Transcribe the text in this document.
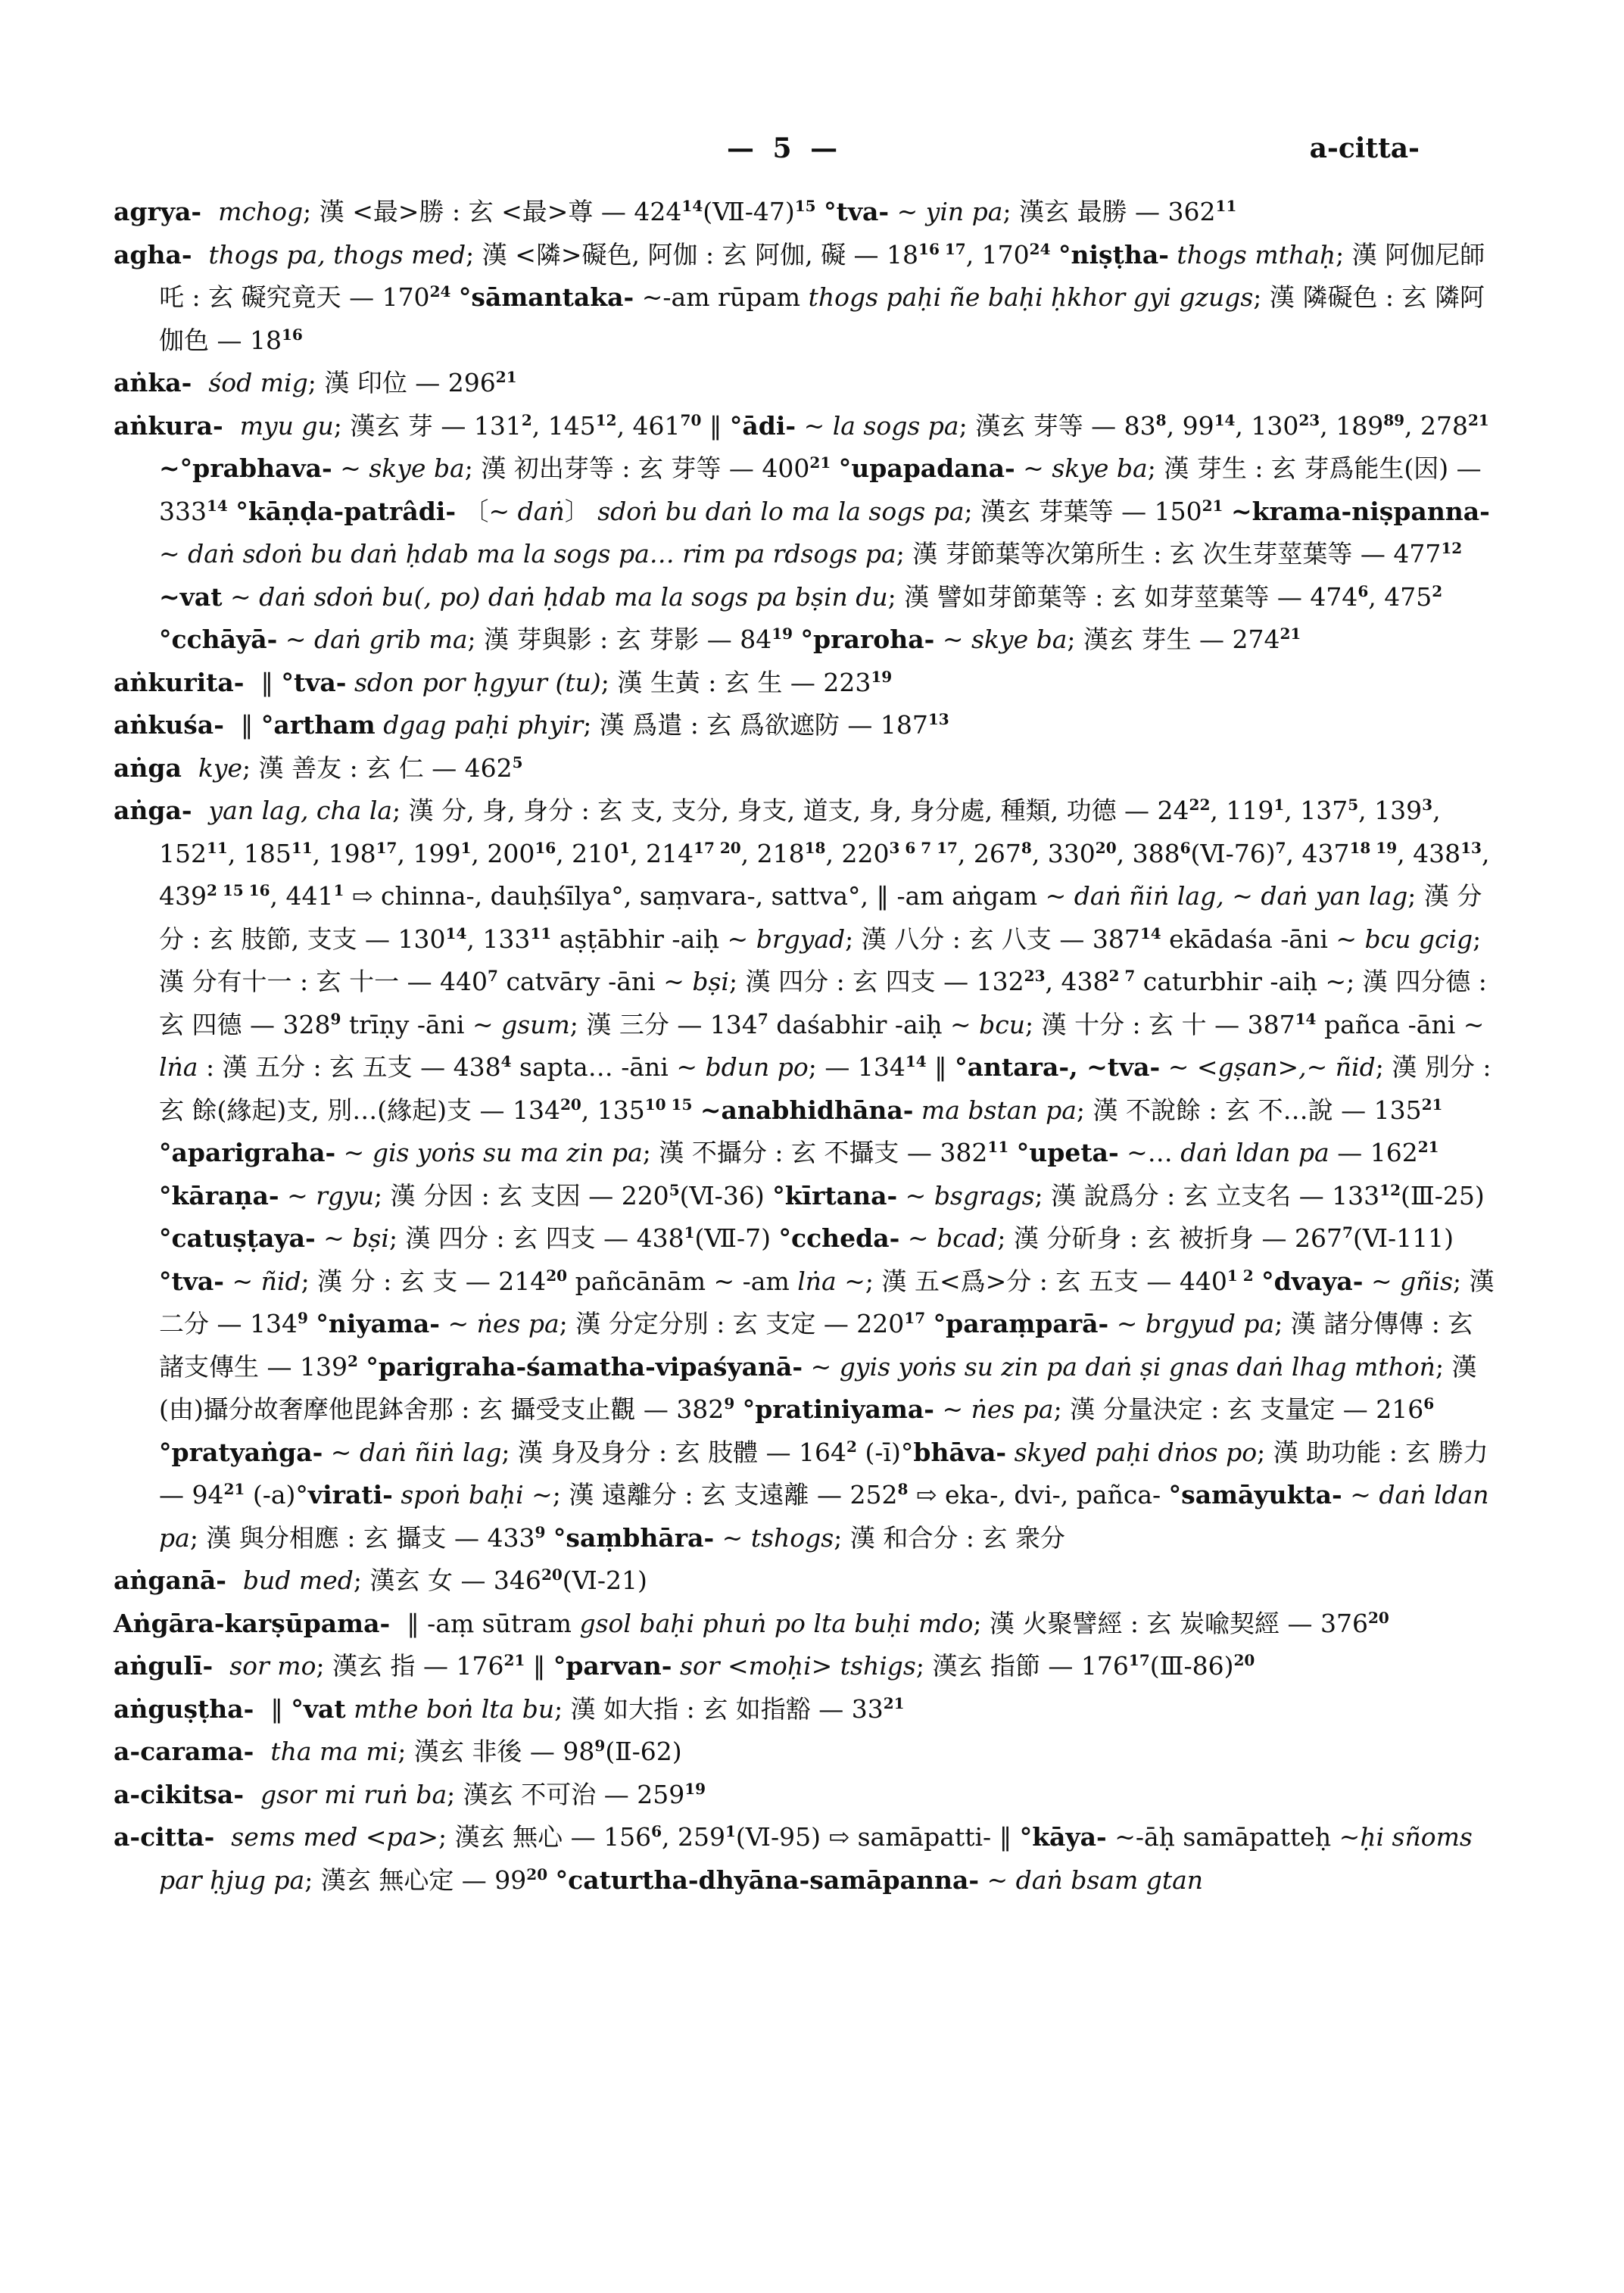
— 5 —	a-citta-
agrya- mchog; 漢 <最>勝 : 玄 <最>尊 — $424^{14}(Ⅶ-47)^{15}$ °tva- ~ yin pa; 漢玄 最勝 — $362^{11}$
agha- thogs pa, thogs med; 漢 <隣>礙色, 阿伽 : 玄 阿伽, 礙 — $18^{16 17}$, $170^{24}$ °niṣṭha- thogs mthaḥ; 漢 阿伽尼師吒 : 玄 礙究竟天 — $170^{24}$ °sāmantaka- ~-am rūpam thogs paḥi ñe baḥi ḥkhor gyi gzugs; 漢 隣礙色 : 玄 隣阿伽色 — $18^{16}$
aṅka- śod mig; 漢 印位 — $296^{21}$
aṅkura- myu gu; 漢玄 芽 — $131^2$, $145^{12}$, $461^{70}$ ‖ °ādi- ~ la sogs pa; 漢玄 芽等 — $83^8$, $99^{14}$, $130^{23}$, $189^{89}$, $278^{21}$ ~°prabhava- ~ skye ba; 漢 初出芽等 : 玄 芽等 — $400^{21}$ °upapadana- ~ skye ba; 漢 芽生 : 玄 芽爲能生(因) — $333^{14}$ °kāṇḍa-patrâdi- 〔~ daṅ〕 sdoṅ bu daṅ lo ma la sogs pa; 漢玄 芽葉等 — $150^{21}$ ~krama-niṣpanna- ~ daṅ sdoṅ bu daṅ ḥdab ma la sogs pa… rim pa rdsogs pa; 漢 芽節葉等次第所生 : 玄 次生芽莖葉等 — $477^{12}$ ~vat ~ daṅ sdoṅ bu(, po) daṅ ḥdab ma la sogs pa bṣin du; 漢 譬如芽節葉等 : 玄 如芽莖葉等 — $474^6$, $475^2$ °cchāyā- ~ daṅ grib ma; 漢 芽與影 : 玄 芽影 — $84^{19}$ °praroha- ~ skye ba; 漢玄 芽生 — $274^{21}$
aṅkurita- ‖ °tva- sdon por ḥgyur (tu); 漢 生黃 : 玄 生 — $223^{19}$
aṅkuśa- ‖ °artham dgag paḥi phyir; 漢 爲遣 : 玄 爲欲遮防 — $187^{13}$
aṅga kye; 漢 善友 : 玄 仁 — $462^5$
aṅga- yan lag, cha la; 漢 分, 身, 身分 : 玄 支, 支分, 身支, 道支, 身, 身分處, 種類, 功德 — $24^{22}$, $119^1$, $137^5$, $139^3$, $152^{11}$, $185^{11}$, $198^{17}$, $199^1$, $200^{16}$, $210^1$, $214^{17 20}$, $218^{18}$, $220^{3 6 7 17}$, $267^8$, $330^{20}$, $388^6(Ⅵ-76)^7$, $437^{18 19}$, $438^{13}$, $439^{2 15 16}$, $441^1$ ⇨ chinna-, dauḥśīlya°, saṃvara-, sattva°, ‖ -am aṅgam ~ daṅ ñiṅ lag, ~ daṅ yan lag; 漢 分分 : 玄 肢節, 支支 — $130^{14}$, $133^{11}$ aṣṭābhir -aiḥ ~ brgyad; 漢 八分 : 玄 八支 — $387^{14}$ ekādaśa -āni ~ bcu gcig; 漢 分有十一 : 玄 十一 — $440^7$ catvāry -āni ~ bṣi; 漢 四分 : 玄 四支 — $132^{23}$, $438^{2 7}$ caturbhir -aiḥ ~; 漢 四分德 : 玄 四德 — $328^9$ trīṇy -āni ~ gsum; 漢 三分 — $134^7$ daśabhir -aiḥ ~ bcu; 漢 十分 : 玄 十 — $387^{14}$ pañca -āni ~ lṅa : 漢 五分 : 玄 五支 — $438^4$ sapta… -āni ~ bdun po; — $134^{14}$ ‖ °antara-, ~tva- ~ <gṣan>,~ ñid; 漢 別分 : 玄 餘(緣起)支, 別…(緣起)支 — $134^{20}$, $135^{10 15}$ ~anabhidhāna- ma bstan pa; 漢 不說餘 : 玄 不…說 — $135^{21}$ °aparigraha- ~ gis yoṅs su ma zin pa; 漢 不攝分 : 玄 不攝支 — $382^{11}$ °upeta- ~… daṅ ldan pa — $162^{21}$ °kāraṇa- ~ rgyu; 漢 分因 : 玄 支因 — $220^5(Ⅵ-36)$ °kīrtana- ~ bsgrags; 漢 說爲分 : 玄 立支名 — $133^{12}(Ⅲ-25)$ °catuṣṭaya- ~ bṣi; 漢 四分 : 玄 四支 — $438^1(Ⅶ-7)$ °ccheda- ~ bcad; 漢 分斫身 : 玄 被折身 — $267^7(Ⅵ-111)$ °tva- ~ ñid; 漢 分 : 玄 支 — $214^{20}$ pañcānām ~ -am lṅa ~; 漢 五<爲>分 : 玄 五支 — $440^{1 2}$ °dvaya- ~ gñis; 漢 二分 — $134^9$ °niyama- ~ ṅes pa; 漢 分定分別 : 玄 支定 — $220^{17}$ °paraṃparā- ~ brgyud pa; 漢 諸分傳傳 : 玄 諸支傳生 — $139^2$ °parigraha-śamatha-vipaśyanā- ~ gyis yoṅs su zin pa daṅ ṣi gnas daṅ lhag mthoṅ; 漢 (由)攝分故奢摩他毘鉢舍那 : 玄 攝受支止觀 — $382^9$ °pratiniyama- ~ ṅes pa; 漢 分量決定 : 玄 支量定 — $216^6$ °pratyaṅga- ~ daṅ ñiṅ lag; 漢 身及身分 : 玄 肢體 — $164^2$ (-ī)°bhāva- skyed paḥi dṅos po; 漢 助功能 : 玄 勝力 — $94^{21}$ (-a)°virati- spoṅ baḥi ~; 漢 遠離分 : 玄 支遠離 — $252^8$ ⇨ eka-, dvi-, pañca- °samāyukta- ~ daṅ ldan pa; 漢 與分相應 : 玄 攝支 — $433^9$ °saṃbhāra- ~ tshogs; 漢 和合分 : 玄 衆分
aṅganā- bud med; 漢玄 女 — $346^{20}(Ⅵ-21)$
Aṅgāra-karṣūpama- ‖ -aṃ sūtram gsol baḥi phuṅ po lta buḥi mdo; 漢 火聚譬經 : 玄 炭喩契經 — $376^{20}$
aṅgulī- sor mo; 漢玄 指 — $176^{21}$ ‖ °parvan- sor <moḥi> tshigs; 漢玄 指節 — $176^{17}(Ⅲ-86)^{20}$
aṅguṣṭha- ‖ °vat mthe boṅ lta bu; 漢 如大指 : 玄 如指豁 — $33^{21}$
a-carama- tha ma mi; 漢玄 非後 — $98^9(Ⅱ-62)$
a-cikitsa- gsor mi ruṅ ba; 漢玄 不可治 — $259^{19}$
a-citta- sems med <pa>; 漢玄 無心 — $156^6$, $259^1(Ⅵ-95)$ ⇨ samāpatti- ‖ °kāya- ~-āḥ samāpatteḥ ~ḥi sñoms par ḥjug pa; 漢玄 無心定 — $99^{20}$ °caturtha-dhyāna-samāpanna- ~ daṅ bsam gtan
